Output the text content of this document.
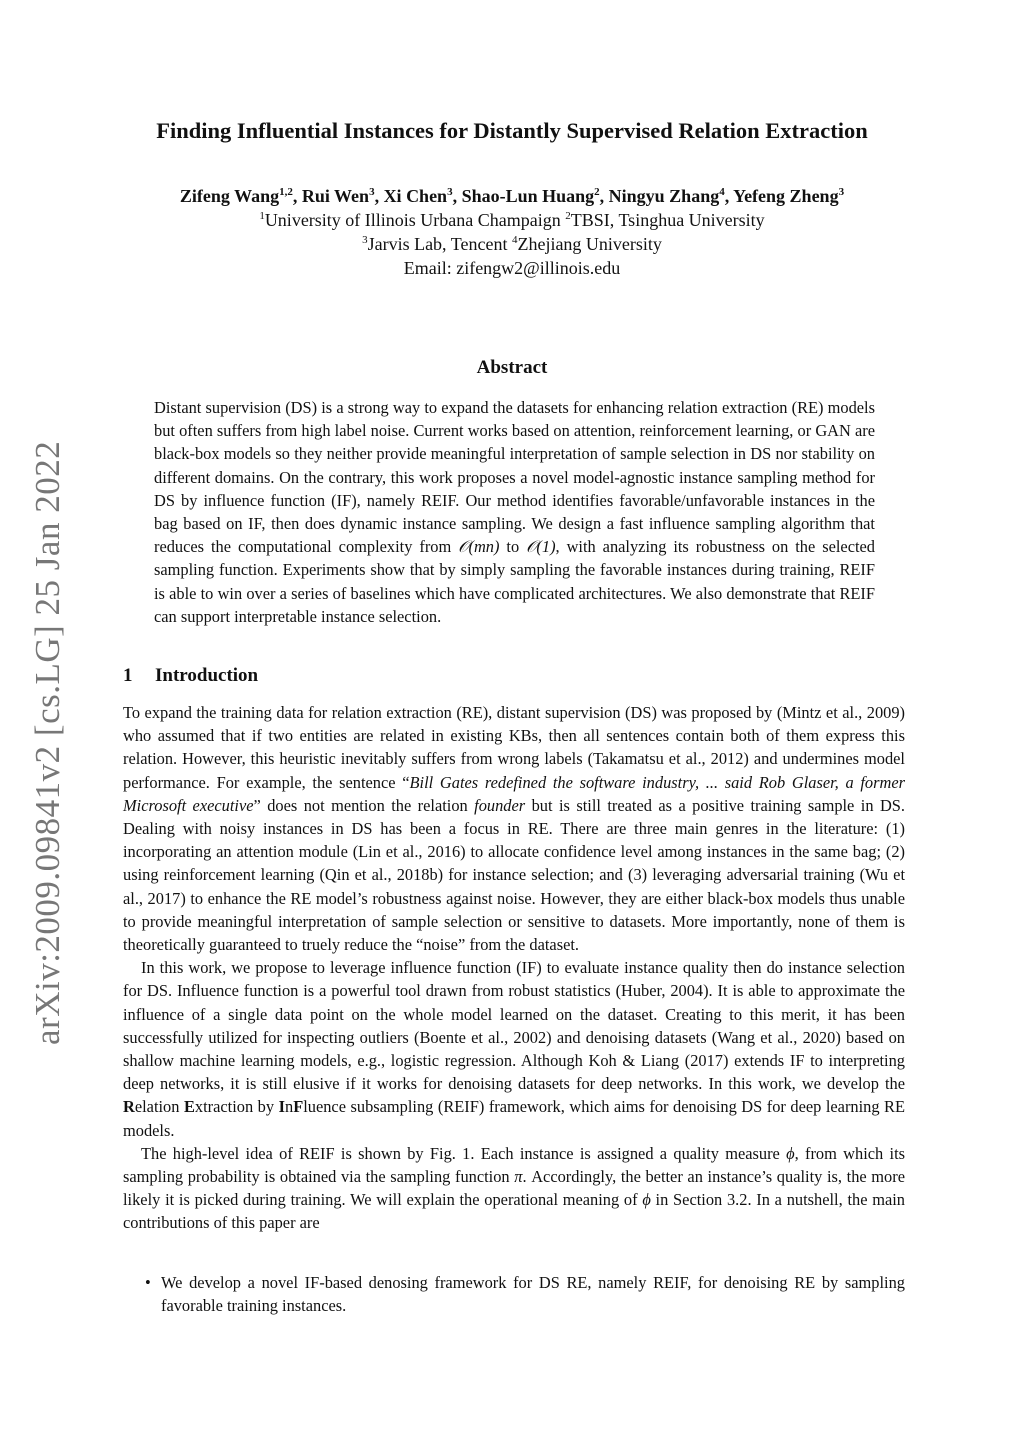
arXiv:2009.09841v2 [cs.LG] 25 Jan 2022
Finding Influential Instances for Distantly Supervised Relation Extraction
Zifeng Wang$^{1,2}$, Rui Wen$^3$, Xi Chen$^3$, Shao-Lun Huang$^2$, Ningyu Zhang$^4$, Yefeng Zheng$^3$
$^1$University of Illinois Urbana Champaign $^2$TBSI, Tsinghua University
$^3$Jarvis Lab, Tencent $^4$Zhejiang University
Email: zifengw2@illinois.edu
Abstract
Distant supervision (DS) is a strong way to expand the datasets for enhancing relation extraction (RE) models but often suffers from high label noise. Current works based on attention, reinforcement learning, or GAN are black-box models so they neither provide meaningful interpretation of sample selection in DS nor stability on different domains. On the contrary, this work proposes a novel model-agnostic instance sampling method for DS by influence function (IF), namely REIF. Our method identifies favorable/unfavorable instances in the bag based on IF, then does dynamic instance sampling. We design a fast influence sampling algorithm that reduces the computational complexity from 𝒪(mn) to 𝒪(1), with analyzing its robustness on the selected sampling function. Experiments show that by simply sampling the favorable instances during training, REIF is able to win over a series of baselines which have complicated architectures. We also demonstrate that REIF can support interpretable instance selection.
1 Introduction

To expand the training data for relation extraction (RE), distant supervision (DS) was proposed by (Mintz et al., 2009) who assumed that if two entities are related in existing KBs, then all sentences contain both of them express this relation. However, this heuristic inevitably suffers from wrong labels (Takamatsu et al., 2012) and undermines model performance. For example, the sentence “Bill Gates redefined the software industry, ... said Rob Glaser, a former Microsoft executive” does not mention the relation founder but is still treated as a positive training sample in DS. Dealing with noisy instances in DS has been a focus in RE. There are three main genres in the literature: (1) incorporating an attention module (Lin et al., 2016) to allocate confidence level among instances in the same bag; (2) using reinforcement learning (Qin et al., 2018b) for instance selection; and (3) leveraging adversarial training (Wu et al., 2017) to enhance the RE model’s robustness against noise. However, they are either black-box models thus unable to provide meaningful interpretation of sample selection or sensitive to datasets. More importantly, none of them is theoretically guaranteed to truely reduce the “noise” from the dataset.

In this work, we propose to leverage influence function (IF) to evaluate instance quality then do instance selection for DS. Influence function is a powerful tool drawn from robust statistics (Huber, 2004). It is able to approximate the influence of a single data point on the whole model learned on the dataset. Creating to this merit, it has been successfully utilized for inspecting outliers (Boente et al., 2002) and denoising datasets (Wang et al., 2020) based on shallow machine learning models, e.g., logistic regression. Although Koh & Liang (2017) extends IF to interpreting deep networks, it is still elusive if it works for denoising datasets for deep networks. In this work, we develop the Relation Extraction by InFluence subsampling (REIF) framework, which aims for denoising DS for deep learning RE models.

The high-level idea of REIF is shown by Fig. 1. Each instance is assigned a quality measure ϕ, from which its sampling probability is obtained via the sampling function π. Accordingly, the better an instance’s quality is, the more likely it is picked during training. We will explain the operational meaning of ϕ in Section 3.2. In a nutshell, the main contributions of this paper are

• We develop a novel IF-based denosing framework for DS RE, namely REIF, for denoising RE by sampling favorable training instances.
